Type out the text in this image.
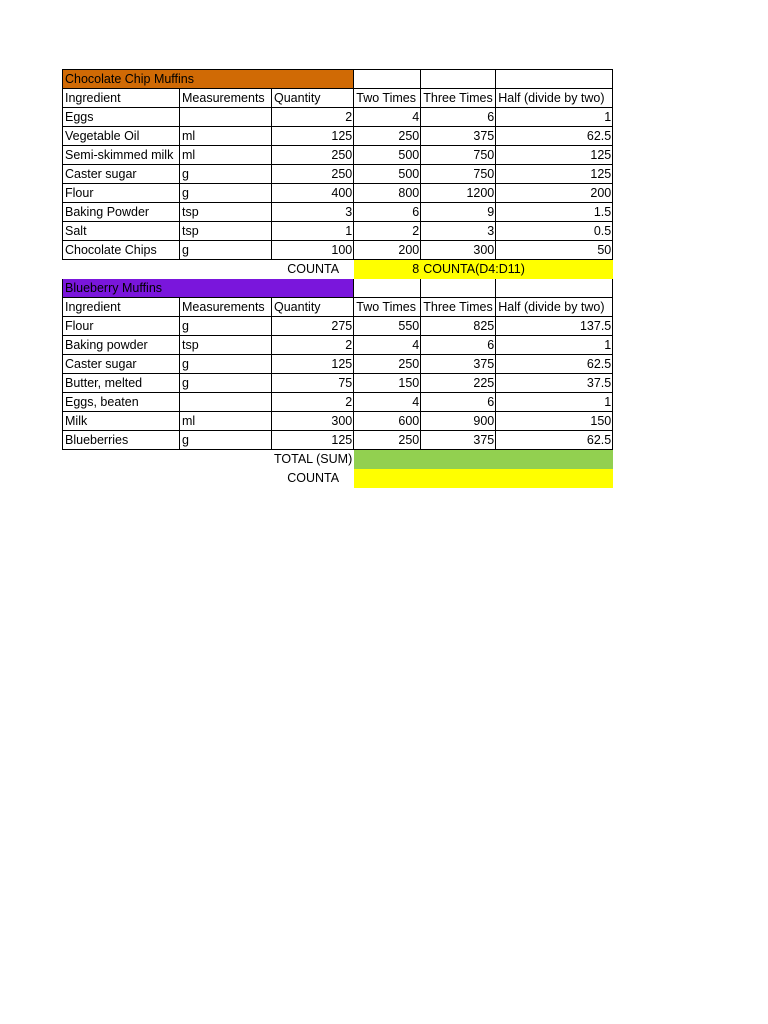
Chocolate Chip Muffins					
Ingredient	Measurements	Quantity	Two Times	Three Times	Half (divide by two)
Eggs		2	4	6	1
Vegetable Oil	ml	125	250	375	62.5
Semi-skimmed milk	ml	250	500	750	125
Caster sugar	g	250	500	750	125
Flour	g	400	800	1200	200
Baking Powder	tsp	3	6	9	1.5
Salt	tsp	1	2	3	0.5
Chocolate Chips	g	100	200	300	50
		COUNTA	8	COUNTA(D4:D11)	
Blueberry Muffins					
Ingredient	Measurements	Quantity	Two Times	Three Times	Half (divide by two)
Flour	g	275	550	825	137.5
Baking powder	tsp	2	4	6	1
Caster sugar	g	125	250	375	62.5
Butter, melted	g	75	150	225	37.5
Eggs, beaten		2	4	6	1
Milk	ml	300	600	900	150
Blueberries	g	125	250	375	62.5
		TOTAL (SUM)			
		COUNTA			
